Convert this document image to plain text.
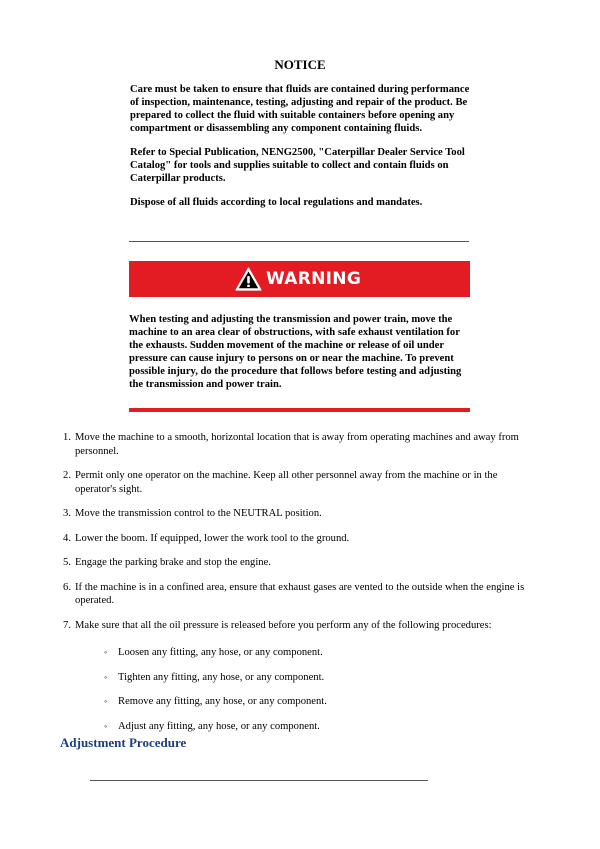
NOTICE

Care must be taken to ensure that fluids are contained during performance of inspection, maintenance, testing, adjusting and repair of the product. Be prepared to collect the fluid with suitable containers before opening any compartment or disassembling any component containing fluids.

Refer to Special Publication, NENG2500, "Caterpillar Dealer Service Tool Catalog" for tools and supplies suitable to collect and contain fluids on Caterpillar products.

Dispose of all fluids according to local regulations and mandates.

WARNING

When testing and adjusting the transmission and power train, move the machine to an area clear of obstructions, with safe exhaust ventilation for the exhausts. Sudden movement of the machine or release of oil under pressure can cause injury to persons on or near the machine. To prevent possible injury, do the procedure that follows before testing and adjusting the transmission and power train.

1. Move the machine to a smooth, horizontal location that is away from operating machines and away from personnel.
2. Permit only one operator on the machine. Keep all other personnel away from the machine or in the operator's sight.
3. Move the transmission control to the NEUTRAL position.
4. Lower the boom. If equipped, lower the work tool to the ground.
5. Engage the parking brake and stop the engine.
6. If the machine is in a confined area, ensure that exhaust gases are vented to the outside when the engine is operated.
7. Make sure that all the oil pressure is released before you perform any of the following procedures:
◦ Loosen any fitting, any hose, or any component.
◦ Tighten any fitting, any hose, or any component.
◦ Remove any fitting, any hose, or any component.
◦ Adjust any fitting, any hose, or any component.
Adjustment Procedure
